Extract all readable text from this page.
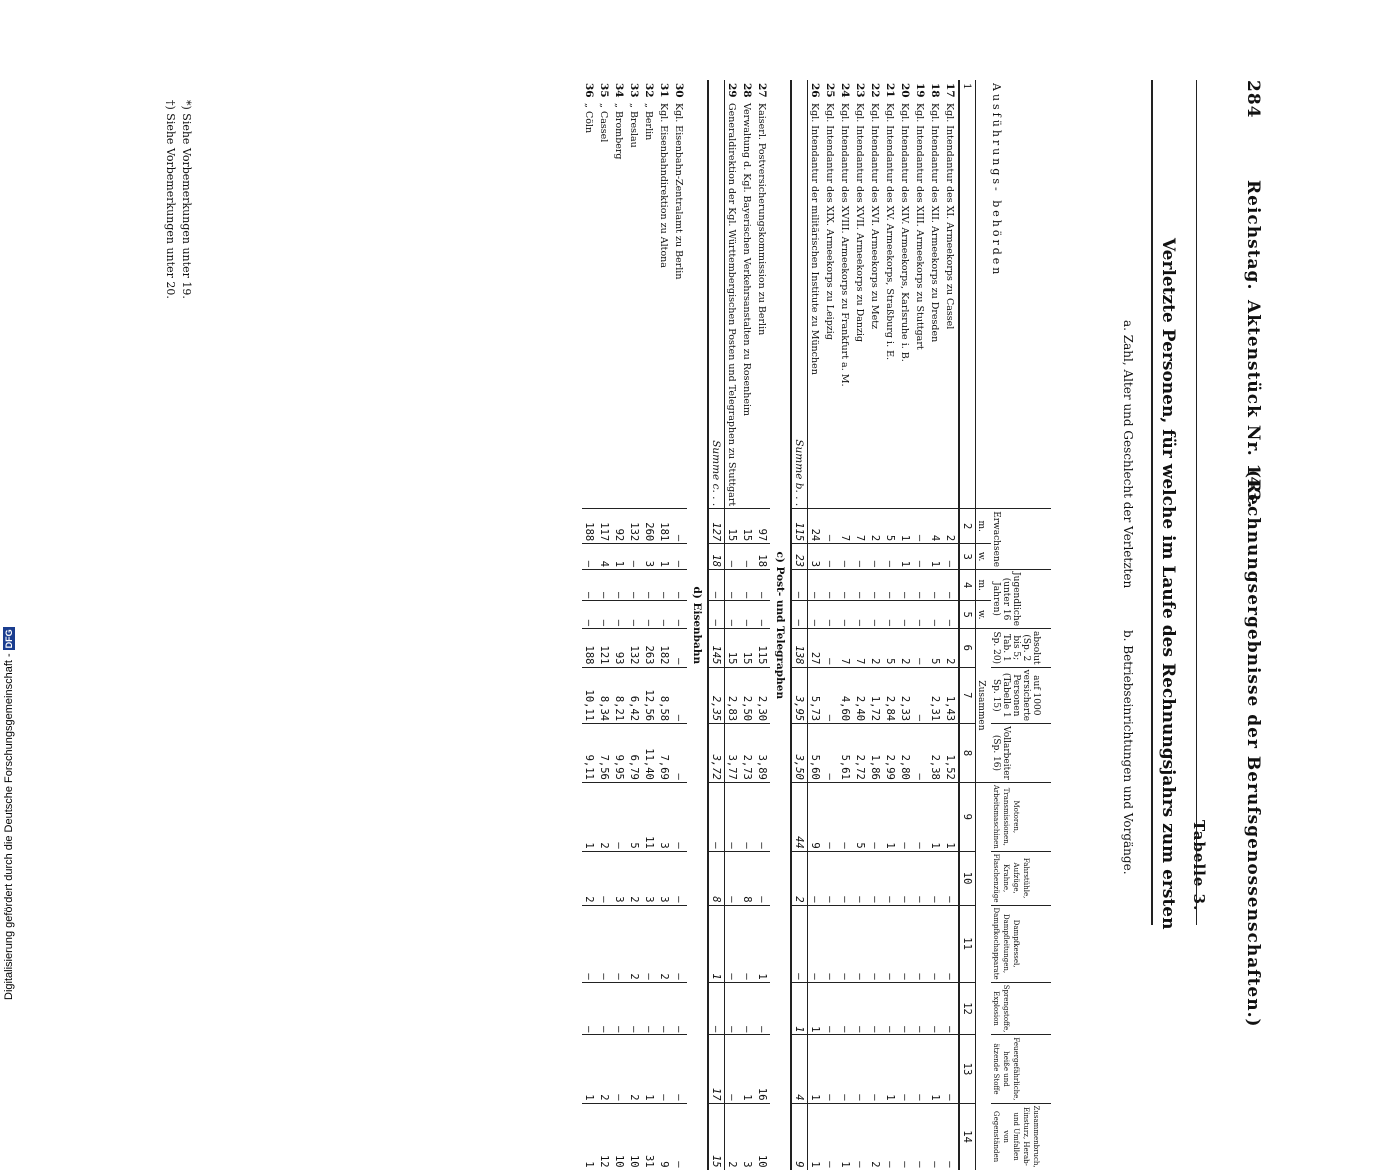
284
Reichstag.
Aktenstück Nr. 143.
(Rechnungsergebnisse der Berufsgenossenschaften.)
Tabelle 3.
Verletzte Personen, für welche im Laufe des Rechnungsjahrs zum ersten
a. Zahl, Alter und Geschlecht der Verletzten
b. Betriebseinrichtungen und Vorgänge.
Ausführungs- behörden	Erwachsene		Jugendliche (unter 16 Jahren)		absolut (Sp. 2 bis 5; Tab. 1 Sp. 20)	auf 1000 versicherte Personen (Tabelle 1 Sp. 15)	Vollarbeiter (Sp. 16)	Motoren, Transmissionen, Arbeitsmaschinen	Fahrstühle, Aufzüge, Krahne, Flaschenzüge	Dampfkessel, Dampfleitungen, Dampfkochapparate	Sprengstoffe, Explosion	Feuergefährliche, heiße und ätzende Stoffe	Zusammenbruch, Einsturz, Herab- und Umfallen von Gegenständen
	m.	w.	m.	w.	Zusammen								
1	2	3	4	5	6	7	8	9	10	11	12	13	14
17Kgl. Intendantur des XI. Armeekorps zu Cassel	2	—	—	—	2	1,43	1,52	1	—	—	—	—	—
18Kgl. Intendantur des XII. Armeekorps zu Dresden	4	1	—	—	5	2,31	2,38	1	—	—	—	1	—
19Kgl. Intendantur des XIII. Armeekorps zu Stuttgart	—	—	—	—	—	—	—	—	—	—	—	—	—
20Kgl. Intendantur des XIV. Armeekorps, Karlsruhe i. B.	1	1	—	—	2	2,33	2,80	—	—	—	—	—	—
21Kgl. Intendantur des XV. Armeekorps, Straßburg i. E.	5	—	—	—	5	2,84	2,99	1	—	—	—	1	—
22Kgl. Intendantur des XVI. Armeekorps zu Metz	2	—	—	—	2	1,72	1,86	—	—	—	—	—	2
23Kgl. Intendantur des XVII. Armeekorps zu Danzig	7	—	—	—	7	2,40	2,72	5	—	—	—	—	—
24Kgl. Intendantur des XVIII. Armeekorps zu Frankfurt a. M.	7	—	—	—	7	4,60	5,61	—	—	—	—	—	1
25Kgl. Intendantur des XIX. Armeekorps zu Leipzig	—	—	—	—	—	—	—	—	—	—	—	—	—
26Kgl. Intendantur der militärischen Institute zu München	24	3	—	—	27	5,73	5,60	9	—	—	1	1	1
Summe b. . .	115	23	—	—	138	3,95	3,50	44	2	—	1	4	9
c) Post- und Telegraphen													
27Kaiserl. Postversicherungskommission zu Berlin	97	18	—	—	115	2,30	3,89	—	—	1	—	16	10
28Verwaltung d. Kgl. Bayerischen Verkehrsanstalten zu Rosenheim	15	—	—	—	15	2,50	2,73	—	8	—	—	1	3
29Generaldirektion der Kgl. Württembergischen Posten und Telegraphen zu Stuttgart	15	—	—	—	15	2,83	3,77	—	—	—	—	—	2
Summe c. . .	127	18	—	—	145	2,35	3,72	—	8	1	—	17	15
d) Eisenbahn													
30Kgl. Eisenbahn-Zentralamt zu Berlin	—	—	—	—	—	—	—	—	—	—	—	—	—
31Kgl. Eisenbahndirektion zu Altona	181	1	—	—	182	8,58	7,69	3	3	2	—	—	9
32„ Berlin	260	3	—	—	263	12,56	11,40	11	3	—	—	1	31
33„ Breslau	132	—	—	—	132	6,42	6,79	5	2	2	—	2	10
34„ Bromberg	92	1	—	—	93	8,21	9,95	—	3	—	—	—	10
35„ Cassel	117	4	—	—	121	8,34	7,56	2	—	—	—	2	12
36„ Cöln	188	—	—	—	188	10,11	9,11	1	2	—	—	1	1
*) Siehe Vorbemerkungen unter 19.
†) Siehe Vorbemerkungen unter 20.
Digitalisierung gefördert durch die Deutsche Forschungsgemeinschaft -DFG
